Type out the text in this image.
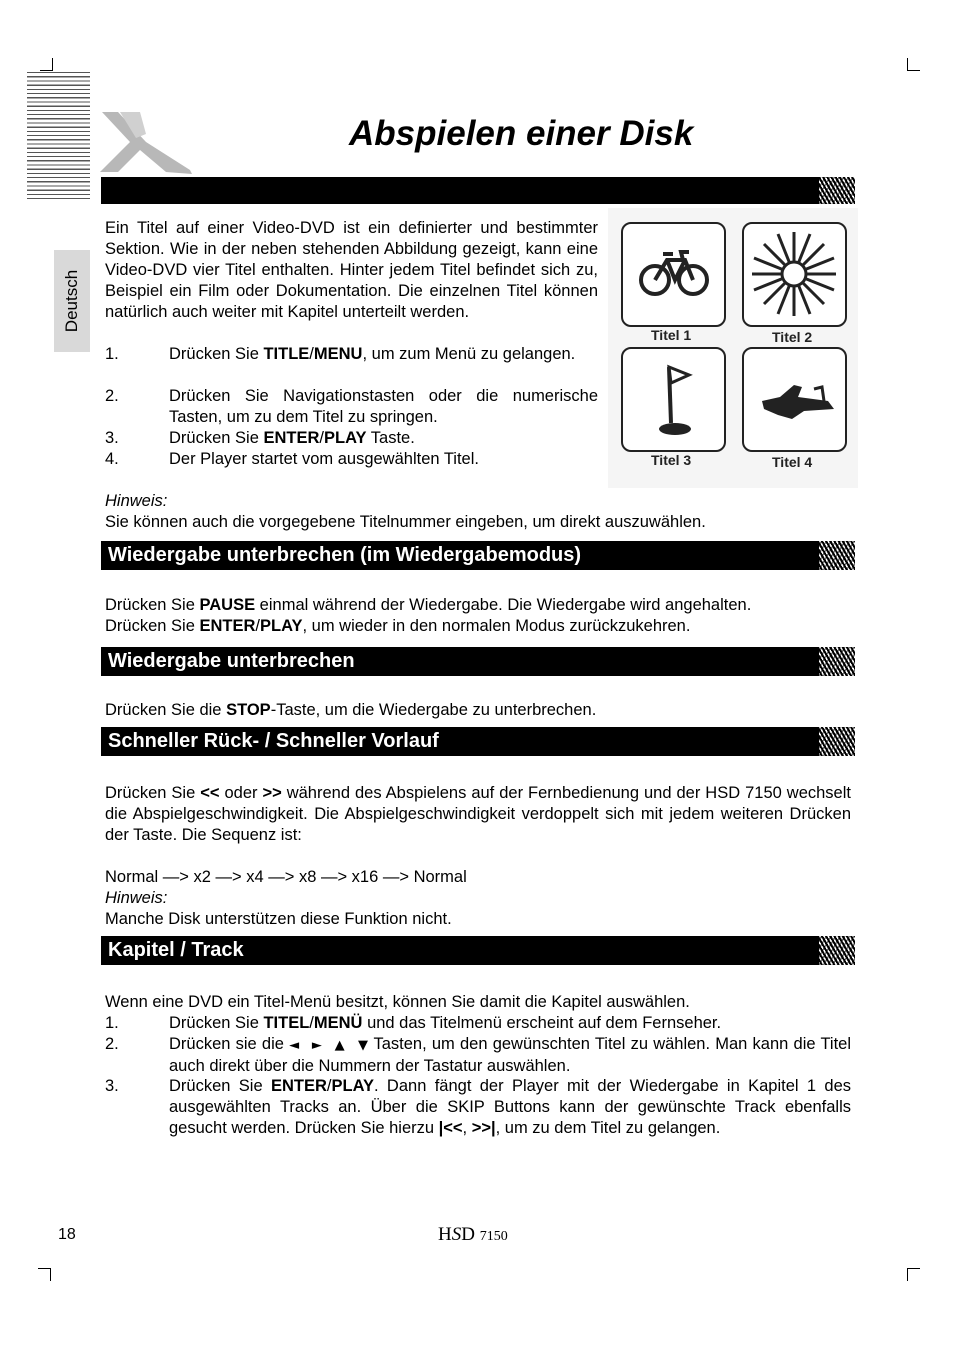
Deutsch
Abspielen einer Disk
Ein Titel auf einer Video-DVD ist ein definierter und bestimmter Sektion. Wie in der neben stehenden Abbildung gezeigt, kann eine Video-DVD vier Titel enthalten. Hinter jedem Titel befindet sich zu, Beispiel ein Film oder Dokumentation. Die einzelnen Titel können natürlich auch weiter mit Kapitel unterteilt werden.
1.	Drücken Sie TITLE/MENU, um zum Menü zu gelangen.
2.	Drücken Sie Navigationstasten oder die numerische Tasten, um zu dem Titel zu springen.
3.	Drücken Sie ENTER/PLAY Taste.
4.	Der Player startet vom ausgewählten Titel.
Titel 1	Titel 2
Titel 3	Titel 4
Hinweis:
Sie können auch die vorgegebene Titelnummer eingeben, um direkt auszuwählen.
Wiedergabe unterbrechen (im Wiedergabemodus)
Drücken Sie PAUSE einmal während der Wiedergabe. Die Wiedergabe wird angehalten.
Drücken Sie ENTER/PLAY, um wieder in den normalen Modus zurückzukehren.
Wiedergabe unterbrechen
Drücken Sie die STOP-Taste, um die Wiedergabe zu unterbrechen.
Schneller Rück- / Schneller Vorlauf
Drücken Sie << oder >> während des Abspielens auf der Fernbedienung und der HSD 7150 wechselt die Abspielgeschwindigkeit. Die Abspielgeschwindigkeit verdoppelt sich mit jedem weiteren Drücken der Taste. Die Sequenz ist:
Normal —> x2 —> x4 —> x8 —> x16 —> Normal
Hinweis:
Manche Disk unterstützen diese Funktion nicht.
Kapitel / Track
Wenn eine DVD ein Titel-Menü besitzt, können Sie damit die Kapitel auswählen.
1.	Drücken Sie TITEL/MENÜ und das Titelmenü erscheint auf dem Fernseher.
2.	Drücken sie die ◄ ► ▲ ▼ Tasten, um den gewünschten Titel zu wählen. Man kann die Titel auch direkt über die Nummern der Tastatur auswählen.
3.	Drücken Sie ENTER/PLAY. Dann fängt der Player mit der Wiedergabe in Kapitel 1 des ausgewählten Tracks an. Über die SKIP Buttons kann der gewünschte Track ebenfalls gesucht werden. Drücken Sie hierzu |<<, >>|, um zu dem Titel zu gelangen.
18	HSD 7150
